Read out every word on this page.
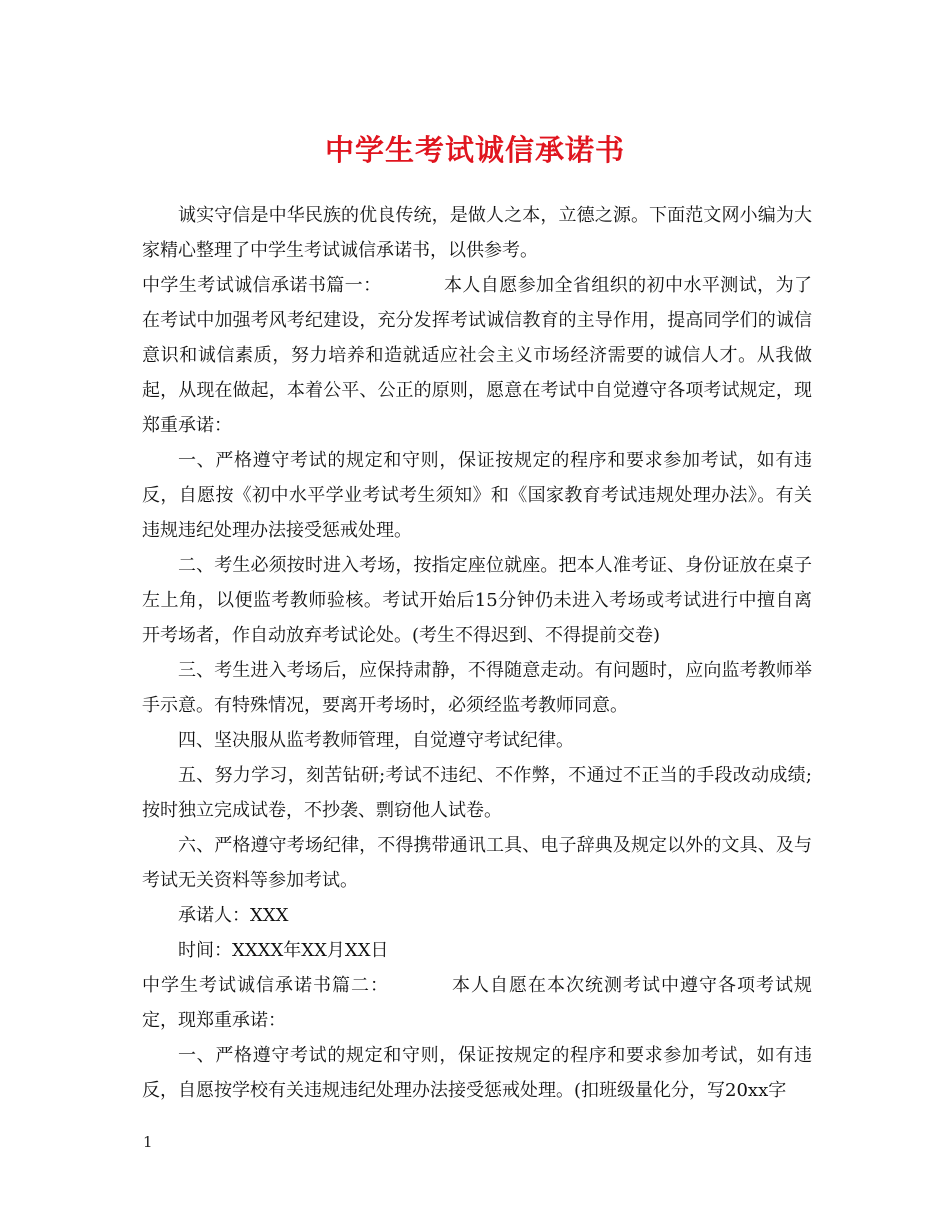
中学生考试诚信承诺书

诚实守信是中华民族的优良传统，是做人之本，立德之源。下面范文网小编为大家精心整理了中学生考试诚信承诺书，以供参考。

中学生考试诚信承诺书篇一：	本人自愿参加全省组织的初中水平测试，为了在考试中加强考风考纪建设，充分发挥考试诚信教育的主导作用，提高同学们的诚信意识和诚信素质，努力培养和造就适应社会主义市场经济需要的诚信人才。从我做起，从现在做起，本着公平、公正的原则，愿意在考试中自觉遵守各项考试规定，现郑重承诺：

一、严格遵守考试的规定和守则，保证按规定的程序和要求参加考试，如有违反，自愿按《初中水平学业考试考生须知》和《国家教育考试违规处理办法》。有关违规违纪处理办法接受惩戒处理。

二、考生必须按时进入考场，按指定座位就座。把本人准考证、身份证放在桌子左上角，以便监考教师验核。考试开始后15分钟仍未进入考场或考试进行中擅自离开考场者，作自动放弃考试论处。(考生不得迟到、不得提前交卷)

三、考生进入考场后，应保持肃静，不得随意走动。有问题时，应向监考教师举手示意。有特殊情况，要离开考场时，必须经监考教师同意。

四、坚决服从监考教师管理，自觉遵守考试纪律。

五、努力学习，刻苦钻研;考试不违纪、不作弊，不通过不正当的手段改动成绩;按时独立完成试卷，不抄袭、剽窃他人试卷。

六、严格遵守考场纪律，不得携带通讯工具、电子辞典及规定以外的文具、及与考试无关资料等参加考试。

承诺人：XXX

时间：XXXX年XX月XX日

中学生考试诚信承诺书篇二：	本人自愿在本次统测考试中遵守各项考试规定，现郑重承诺：

一、严格遵守考试的规定和守则，保证按规定的程序和要求参加考试，如有违反，自愿按学校有关违规违纪处理办法接受惩戒处理。(扣班级量化分，写20xx字

1
